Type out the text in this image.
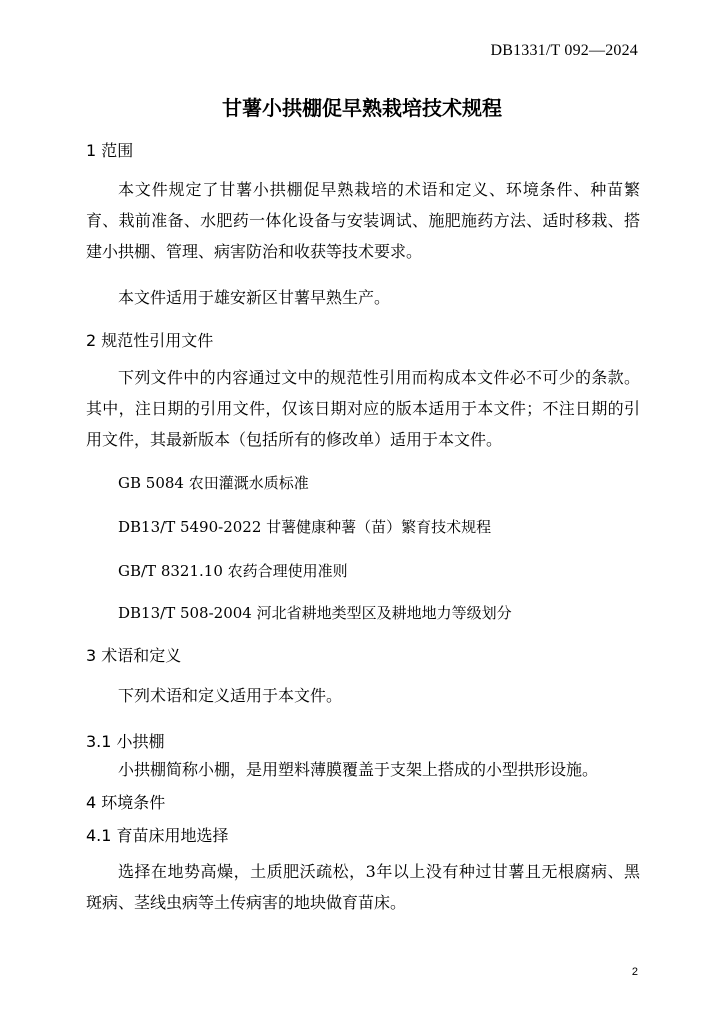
DB1331/T 092—2024
甘薯小拱棚促早熟栽培技术规程
1 范围
本文件规定了甘薯小拱棚促早熟栽培的术语和定义、环境条件、种苗繁育、栽前准备、水肥药一体化设备与安装调试、施肥施药方法、适时移栽、搭建小拱棚、管理、病害防治和收获等技术要求。
本文件适用于雄安新区甘薯早熟生产。
2 规范性引用文件
下列文件中的内容通过文中的规范性引用而构成本文件必不可少的条款。其中，注日期的引用文件，仅该日期对应的版本适用于本文件；不注日期的引用文件，其最新版本（包括所有的修改单）适用于本文件。
GB 5084 农田灌溉水质标准
DB13/T 5490-2022 甘薯健康种薯（苗）繁育技术规程
GB/T 8321.10 农药合理使用准则
DB13/T 508-2004 河北省耕地类型区及耕地地力等级划分
3 术语和定义
下列术语和定义适用于本文件。
3.1 小拱棚
小拱棚简称小棚，是用塑料薄膜覆盖于支架上搭成的小型拱形设施。
4 环境条件
4.1 育苗床用地选择
选择在地势高燥，土质肥沃疏松，3年以上没有种过甘薯且无根腐病、黑斑病、茎线虫病等土传病害的地块做育苗床。
2
